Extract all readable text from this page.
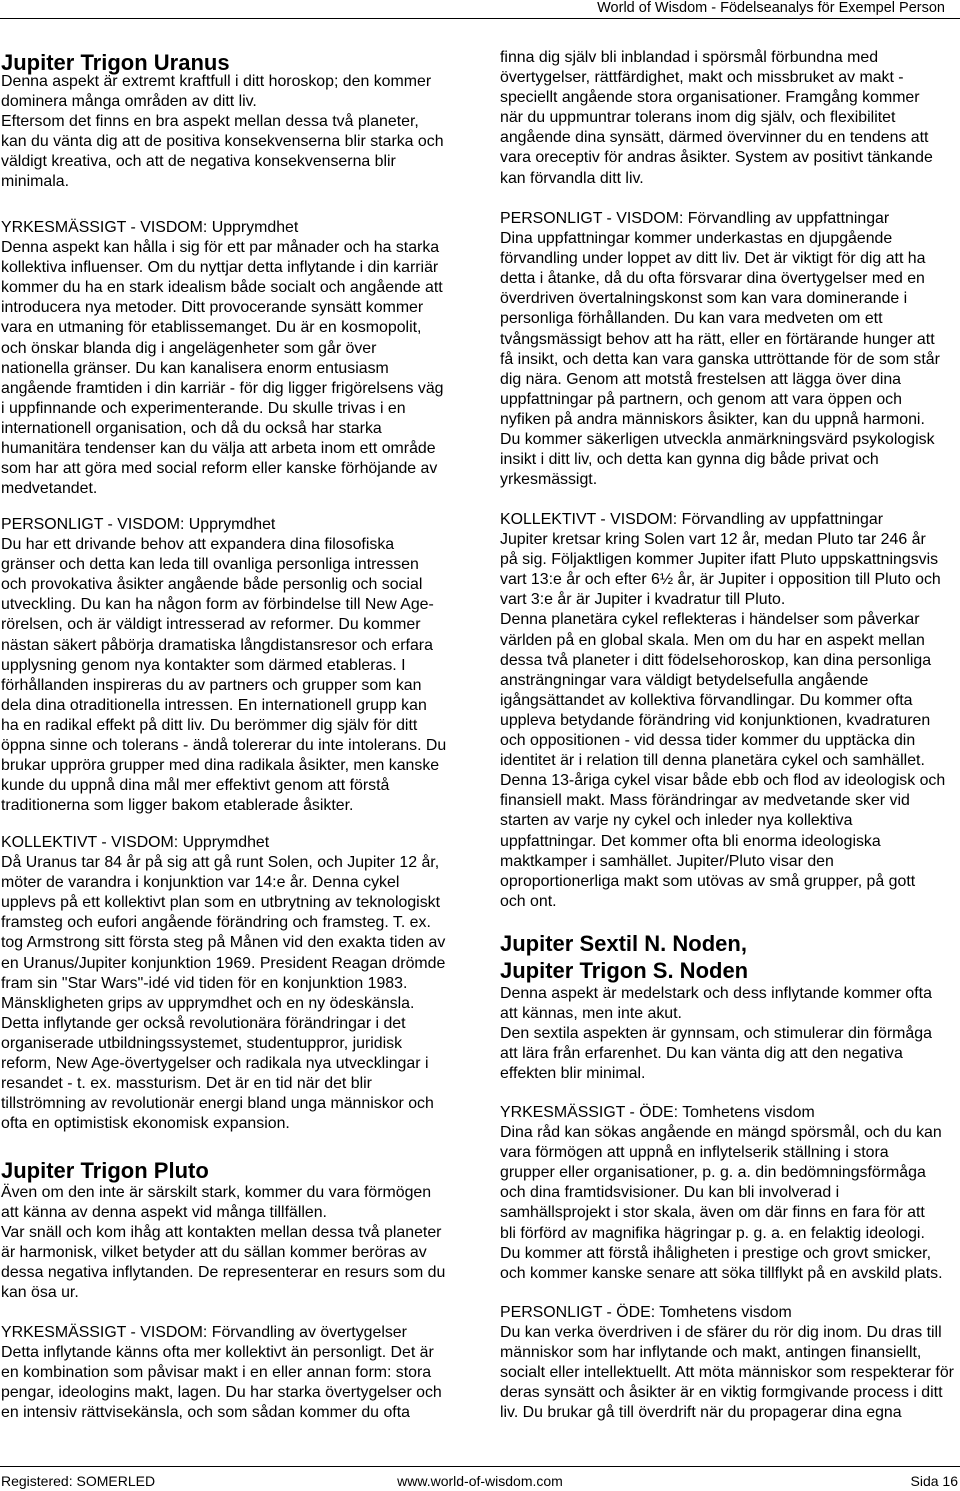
World of Wisdom - Födelseanalys för Exempel Person
Jupiter Trigon Uranus
Denna aspekt är extremt kraftfull i ditt horoskop; den kommer
dominera många områden av ditt liv.
Eftersom det finns en bra aspekt mellan dessa två planeter,
kan du vänta dig att de positiva konsekvenserna blir starka och
väldigt kreativa, och att de negativa konsekvenserna blir
minimala.
YRKESMÄSSIGT - VISDOM: Upprymdhet
Denna aspekt kan hålla i sig för ett par månader och ha starka
kollektiva influenser. Om du nyttjar detta inflytande i din karriär
kommer du ha en stark idealism både socialt och angående att
introducera nya metoder. Ditt provocerande synsätt kommer
vara en utmaning för etablissemanget. Du är en kosmopolit,
och önskar blanda dig i angelägenheter som går över
nationella gränser. Du kan kanalisera enorm entusiasm
angående framtiden i din karriär - för dig ligger frigörelsens väg
i uppfinnande och experimenterande. Du skulle trivas i en
internationell organisation, och då du också har starka
humanitära tendenser kan du välja att arbeta inom ett område
som har att göra med social reform eller kanske förhöjande av
medvetandet.
PERSONLIGT - VISDOM: Upprymdhet
Du har ett drivande behov att expandera dina filosofiska
gränser och detta kan leda till ovanliga personliga intressen
och provokativa åsikter angående både personlig och social
utveckling. Du kan ha någon form av förbindelse till New Age-
rörelsen, och är väldigt intresserad av reformer. Du kommer
nästan säkert påbörja dramatiska långdistansresor och erfara
upplysning genom nya kontakter som därmed etableras. I
förhållanden inspireras du av partners och grupper som kan
dela dina otraditionella intressen. En internationell grupp kan
ha en radikal effekt på ditt liv. Du berömmer dig själv för ditt
öppna sinne och tolerans - ändå tolererar du inte intolerans. Du
brukar uppröra grupper med dina radikala åsikter, men kanske
kunde du uppnå dina mål mer effektivt genom att förstå
traditionerna som ligger bakom etablerade åsikter.
KOLLEKTIVT - VISDOM: Upprymdhet
Då Uranus tar 84 år på sig att gå runt Solen, och Jupiter 12 år,
möter de varandra i konjunktion var 14:e år. Denna cykel
upplevs på ett kollektivt plan som en utbrytning av teknologiskt
framsteg och eufori angående förändring och framsteg. T. ex.
tog Armstrong sitt första steg på Månen vid den exakta tiden av
en Uranus/Jupiter konjunktion 1969. President Reagan drömde
fram sin "Star Wars"-idé vid tiden för en konjunktion 1983.
Mänskligheten grips av upprymdhet och en ny ödeskänsla.
Detta inflytande ger också revolutionära förändringar i det
organiserade utbildningssystemet, studentuppror, juridisk
reform, New Age-övertygelser och radikala nya utvecklingar i
resandet - t. ex. massturism. Det är en tid när det blir
tillströmning av revolutionär energi bland unga människor och
ofta en optimistisk ekonomisk expansion.
Jupiter Trigon Pluto
Även om den inte är särskilt stark, kommer du vara förmögen
att känna av denna aspekt vid många tillfällen.
Var snäll och kom ihåg att kontakten mellan dessa två planeter
är harmonisk, vilket betyder att du sällan kommer beröras av
dessa negativa inflytanden. De representerar en resurs som du
kan ösa ur.
YRKESMÄSSIGT - VISDOM: Förvandling av övertygelser
Detta inflytande känns ofta mer kollektivt än personligt. Det är
en kombination som påvisar makt i en eller annan form: stora
pengar, ideologins makt, lagen. Du har starka övertygelser och
en intensiv rättvisekänsla, och som sådan kommer du ofta
finna dig själv bli inblandad i spörsmål förbundna med
övertygelser, rättfärdighet, makt och missbruket av makt -
speciellt angående stora organisationer. Framgång kommer
när du uppmuntrar tolerans inom dig själv, och flexibilitet
angående dina synsätt, därmed övervinner du en tendens att
vara oreceptiv för andras åsikter. System av positivt tänkande
kan förvandla ditt liv.
PERSONLIGT - VISDOM: Förvandling av uppfattningar
Dina uppfattningar kommer underkastas en djupgående
förvandling under loppet av ditt liv. Det är viktigt för dig att ha
detta i åtanke, då du ofta försvarar dina övertygelser med en
överdriven övertalningskonst som kan vara dominerande i
personliga förhållanden. Du kan vara medveten om ett
tvångsmässigt behov att ha rätt, eller en förtärande hunger att
få insikt, och detta kan vara ganska uttröttande för de som står
dig nära. Genom att motstå frestelsen att lägga över dina
uppfattningar på partnern, och genom att vara öppen och
nyfiken på andra människors åsikter, kan du uppnå harmoni.
Du kommer säkerligen utveckla anmärkningsvärd psykologisk
insikt i ditt liv, och detta kan gynna dig både privat och
yrkesmässigt.
KOLLEKTIVT - VISDOM: Förvandling av uppfattningar
Jupiter kretsar kring Solen vart 12 år, medan Pluto tar 246 år
på sig. Följaktligen kommer Jupiter ifatt Pluto uppskattningsvis
vart 13:e år och efter 6½ år, är Jupiter i opposition till Pluto och
vart 3:e år är Jupiter i kvadratur till Pluto.
Denna planetära cykel reflekteras i händelser som påverkar
världen på en global skala. Men om du har en aspekt mellan
dessa två planeter i ditt födelsehoroskop, kan dina personliga
ansträngningar vara väldigt betydelsefulla angående
igångsättandet av kollektiva förvandlingar. Du kommer ofta
uppleva betydande förändring vid konjunktionen, kvadraturen
och oppositionen - vid dessa tider kommer du upptäcka din
identitet är i relation till denna planetära cykel och samhället.
Denna 13-åriga cykel visar både ebb och flod av ideologisk och
finansiell makt. Mass förändringar av medvetande sker vid
starten av varje ny cykel och inleder nya kollektiva
uppfattningar. Det kommer ofta bli enorma ideologiska
maktkamper i samhället. Jupiter/Pluto visar den
oproportionerliga makt som utövas av små grupper, på gott
och ont.
Jupiter Sextil N. Noden,
Jupiter Trigon S. Noden
Denna aspekt är medelstark och dess inflytande kommer ofta
att kännas, men inte akut.
Den sextila aspekten är gynnsam, och stimulerar din förmåga
att lära från erfarenhet. Du kan vänta dig att den negativa
effekten blir minimal.
YRKESMÄSSIGT - ÖDE: Tomhetens visdom
Dina råd kan sökas angående en mängd spörsmål, och du kan
vara förmögen att uppnå en inflytelserik ställning i stora
grupper eller organisationer, p. g. a. din bedömningsförmåga
och dina framtidsvisioner. Du kan bli involverad i
samhällsprojekt i stor skala, även om där finns en fara för att
bli förförd av magnifika hägringar p. g. a. en felaktig ideologi.
Du kommer att förstå ihåligheten i prestige och grovt smicker,
och kommer kanske senare att söka tillflykt på en avskild plats.
PERSONLIGT - ÖDE: Tomhetens visdom
Du kan verka överdriven i de sfärer du rör dig inom. Du dras till
människor som har inflytande och makt, antingen finansiellt,
socialt eller intellektuellt. Att möta människor som respekterar för
deras synsätt och åsikter är en viktig formgivande process i ditt
liv. Du brukar gå till överdrift när du propagerar dina egna
Registered: SOMERLED	www.world-of-wisdom.com	Sida 16
